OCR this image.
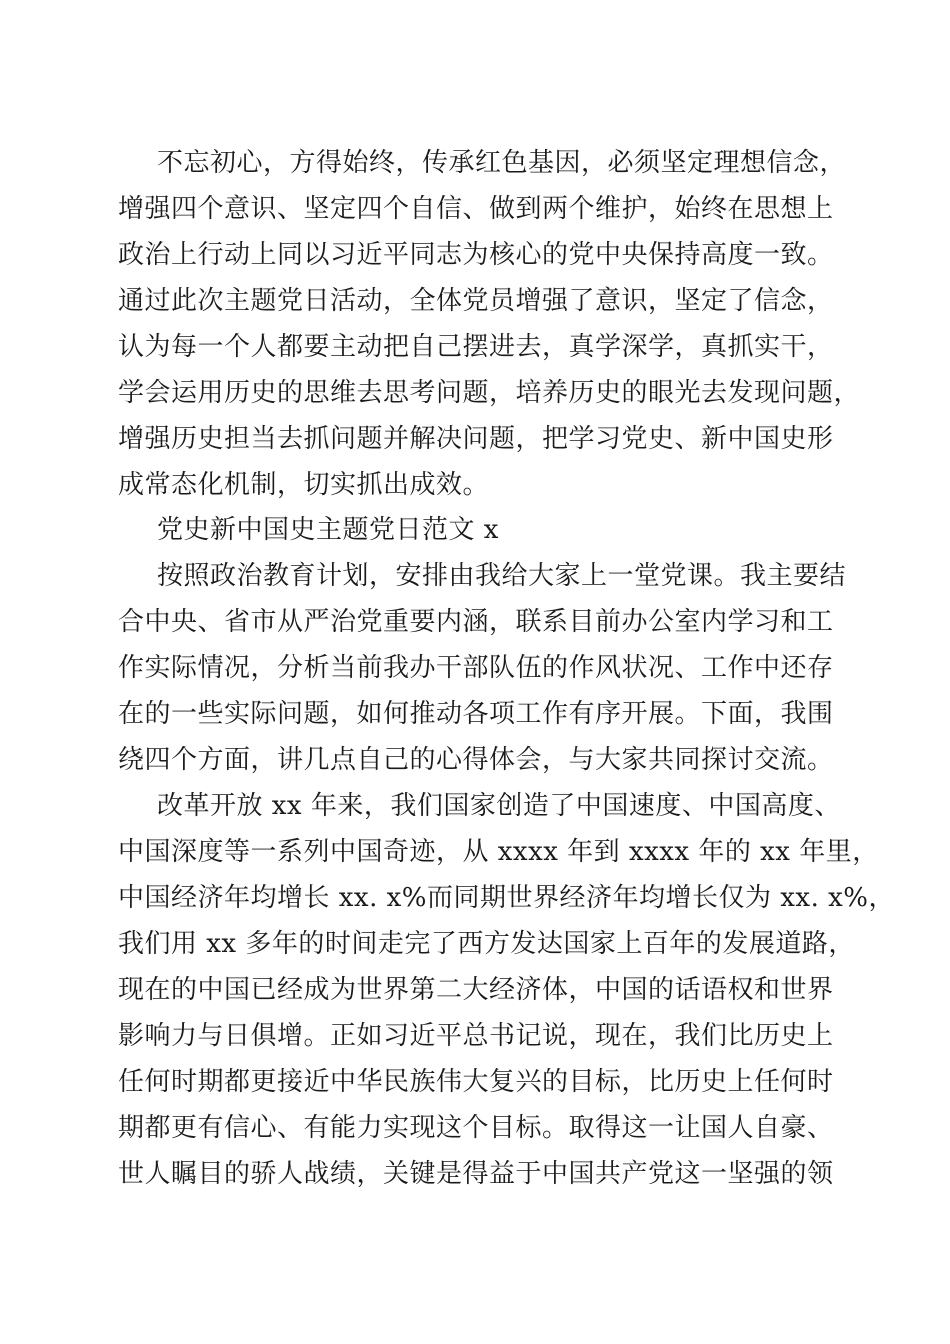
不忘初心，方得始终，传承红色基因，必须坚定理想信念，
增强四个意识、坚定四个自信、做到两个维护，始终在思想上
政治上行动上同以习近平同志为核心的党中央保持高度一致。
通过此次主题党日活动，全体党员增强了意识，坚定了信念，
认为每一个人都要主动把自己摆进去，真学深学，真抓实干，
学会运用历史的思维去思考问题，培养历史的眼光去发现问题，
增强历史担当去抓问题并解决问题，把学习党史、新中国史形
成常态化机制，切实抓出成效。
党史新中国史主题党日范文 x
按照政治教育计划，安排由我给大家上一堂党课。我主要结
合中央、省市从严治党重要内涵，联系目前办公室内学习和工
作实际情况，分析当前我办干部队伍的作风状况、工作中还存
在的一些实际问题，如何推动各项工作有序开展。下面，我围
绕四个方面，讲几点自己的心得体会，与大家共同探讨交流。
改革开放 xx 年来，我们国家创造了中国速度、中国高度、
中国深度等一系列中国奇迹，从 xxxx 年到 xxxx 年的 xx 年里，
中国经济年均增长 xx. x%而同期世界经济年均增长仅为 xx. x%，
我们用 xx 多年的时间走完了西方发达国家上百年的发展道路，
现在的中国已经成为世界第二大经济体，中国的话语权和世界
影响力与日俱增。正如习近平总书记说，现在，我们比历史上
任何时期都更接近中华民族伟大复兴的目标，比历史上任何时
期都更有信心、有能力实现这个目标。取得这一让国人自豪、
世人瞩目的骄人战绩，关键是得益于中国共产党这一坚强的领
